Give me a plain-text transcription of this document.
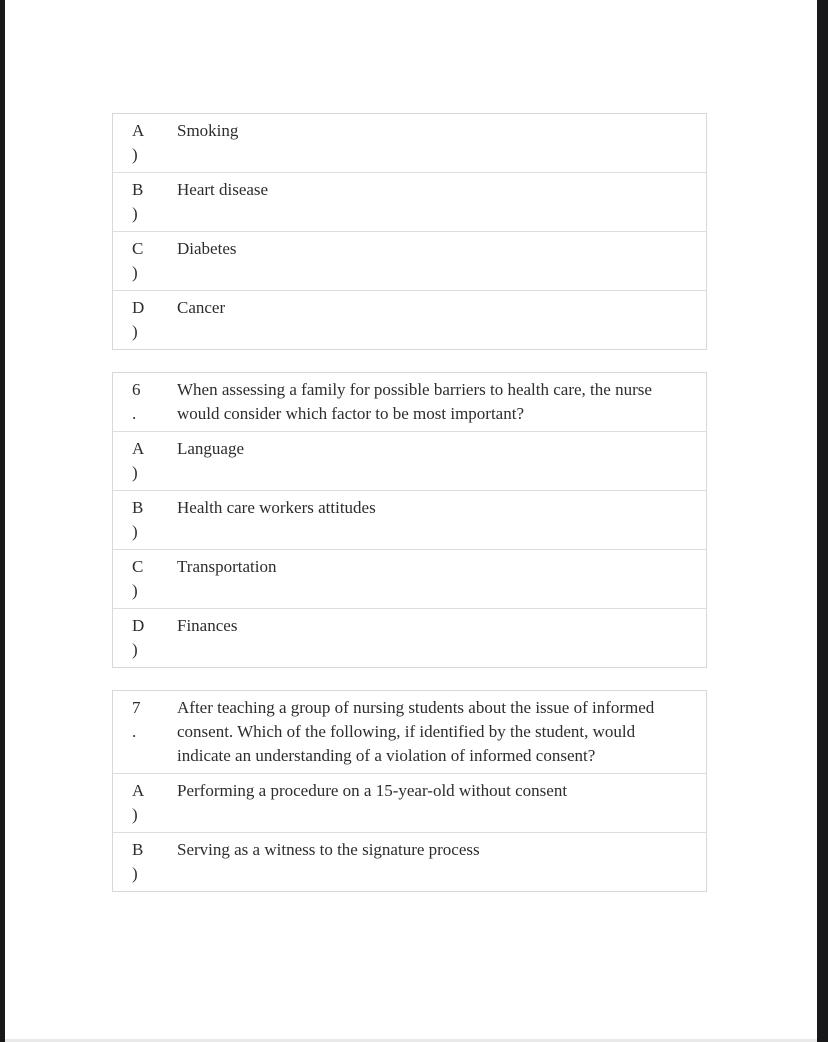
A
)
Smoking
B
)
Heart disease
C
)
Diabetes
D
)
Cancer
6
.
When assessing a family for possible barriers to health care, the nurse would consider which factor to be most important?
A
)
Language
B
)
Health care workers attitudes
C
)
Transportation
D
)
Finances
7
.
After teaching a group of nursing students about the issue of informed consent. Which of the following, if identified by the student, would indicate an understanding of a violation of informed consent?
A
)
Performing a procedure on a 15-year-old without consent
B
)
Serving as a witness to the signature process
